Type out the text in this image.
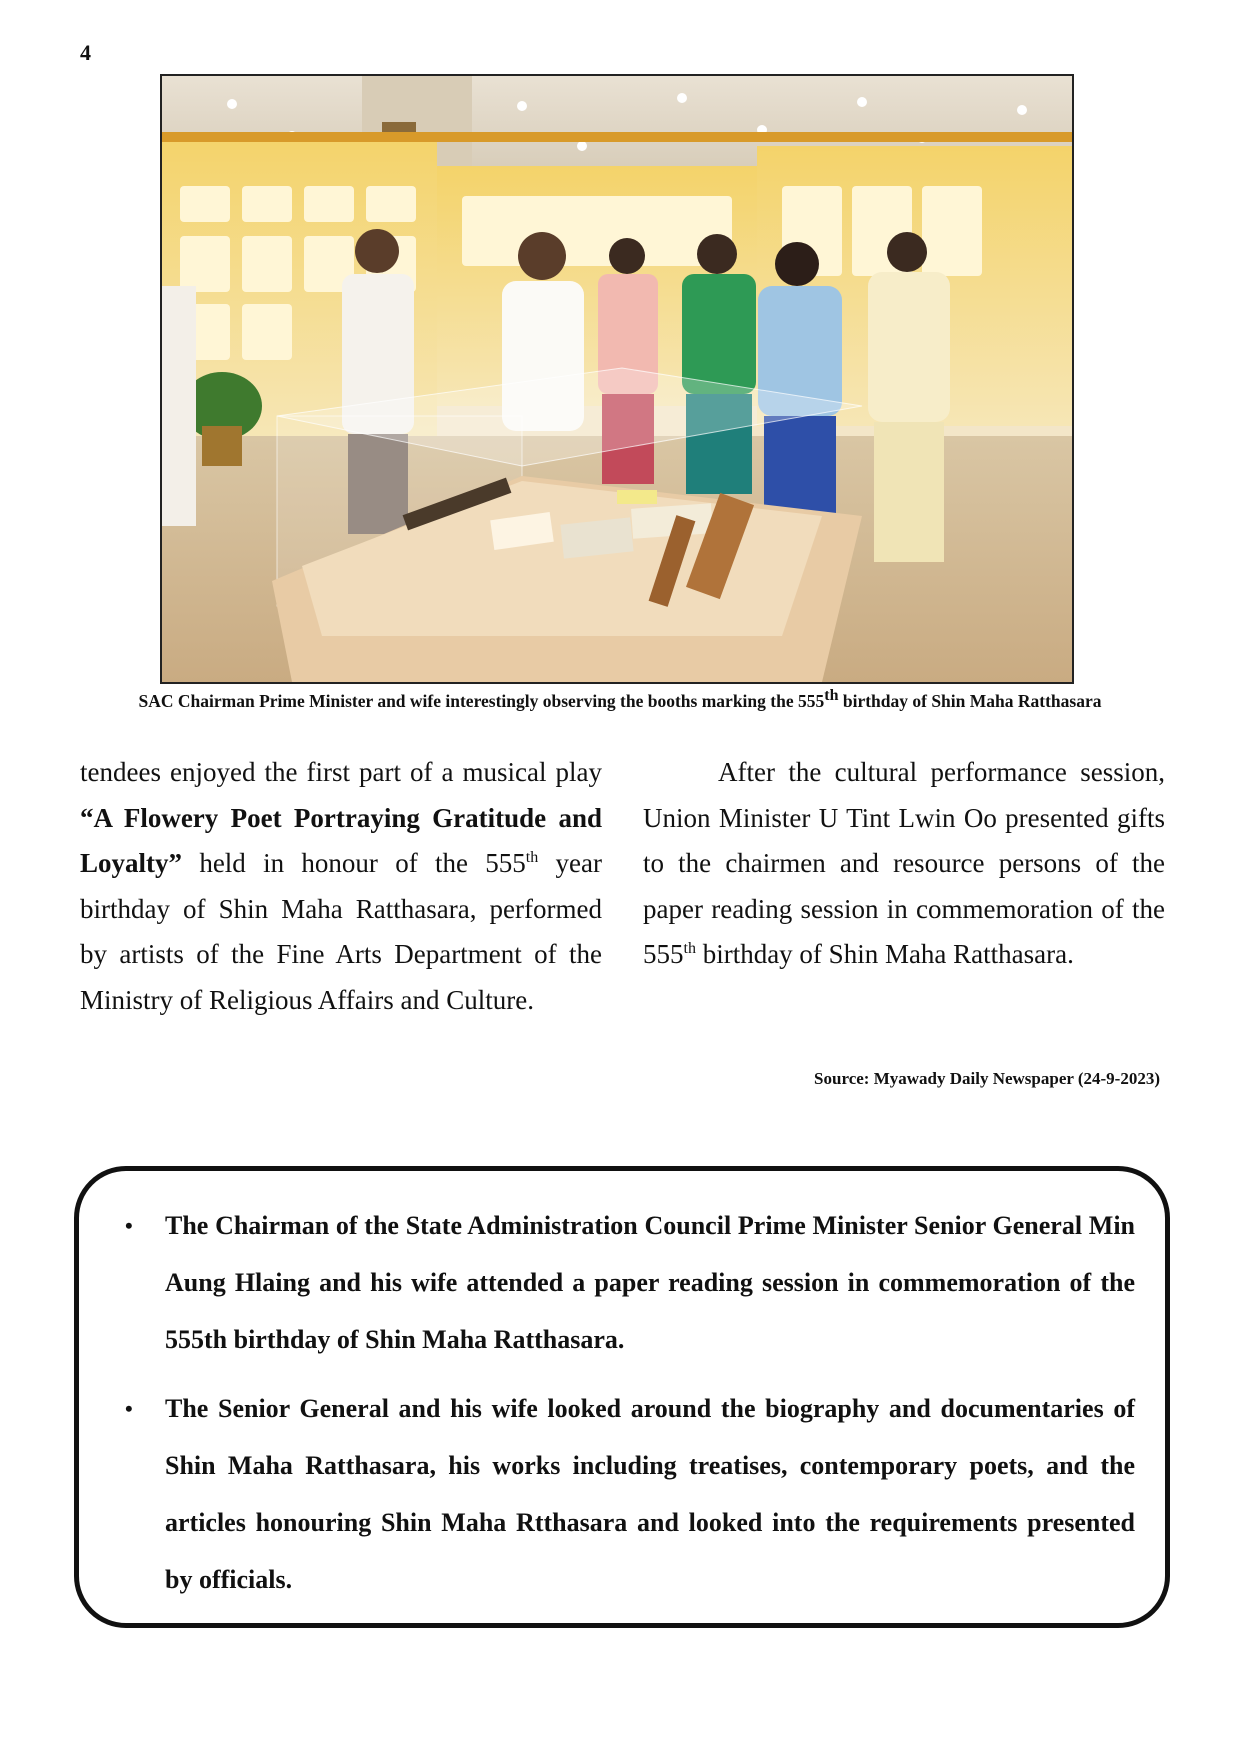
4
SAC Chairman Prime Minister and wife interestingly observing the booths marking the 555th birthday of Shin Maha Ratthasara

tendees enjoyed the first part of a musical play “A Flowery Poet Portraying Gratitude and Loyalty” held in honour of the 555th year birthday of Shin Maha Ratthasara, performed by artists of the Fine Arts Department of the Ministry of Religious Affairs and Culture.

After the cultural performance session, Union Minister U Tint Lwin Oo presented gifts to the chairmen and resource persons of the paper reading session in commemoration of the 555th birthday of Shin Maha Ratthasara.

Source: Myawady Daily Newspaper (24-9-2023)
• The Chairman of the State Administration Council Prime Minister Senior General Min Aung Hlaing and his wife attended a paper reading session in commemoration of the 555th birthday of Shin Maha Ratthasara.
• The Senior General and his wife looked around the biography and documentaries of Shin Maha Ratthasara, his works including treatises, contemporary poets, and the articles honouring Shin Maha Rtthasara and looked into the requirements presented by officials.
